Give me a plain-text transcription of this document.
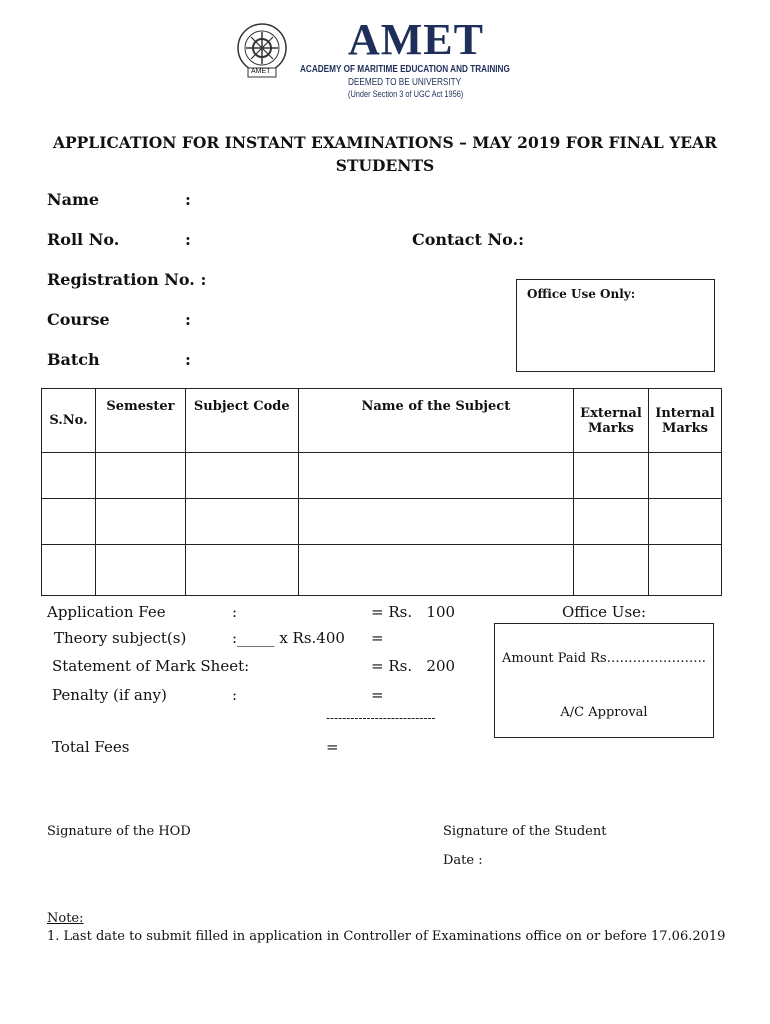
AMET
AMET
ACADEMY OF MARITIME EDUCATION AND TRAINING
DEEMED TO BE UNIVERSITY
(Under Section 3 of UGC Act 1956)
APPLICATION FOR INSTANT EXAMINATIONS – MAY 2019 FOR FINAL YEAR STUDENTS
Name	:
Roll No.	:	Contact No.:
Registration No. :
Course	:
Batch	:
Office Use Only:
S.No.	Semester	Subject Code	Name of the Subject	External Marks	Internal Marks

Application Fee	:	= Rs.   100
Theory subject(s)	:_____ x Rs.400 =
Statement of Mark Sheet:	= Rs.   200
Penalty (if any)	:	=
---------------------------
Total Fees	=
Office Use:
Amount Paid Rs…………………..
A/C Approval
Signature of the HOD	Signature of the Student
Date :
Note:
1. Last date to submit filled in application in Controller of Examinations office on or before 17.06.2019
